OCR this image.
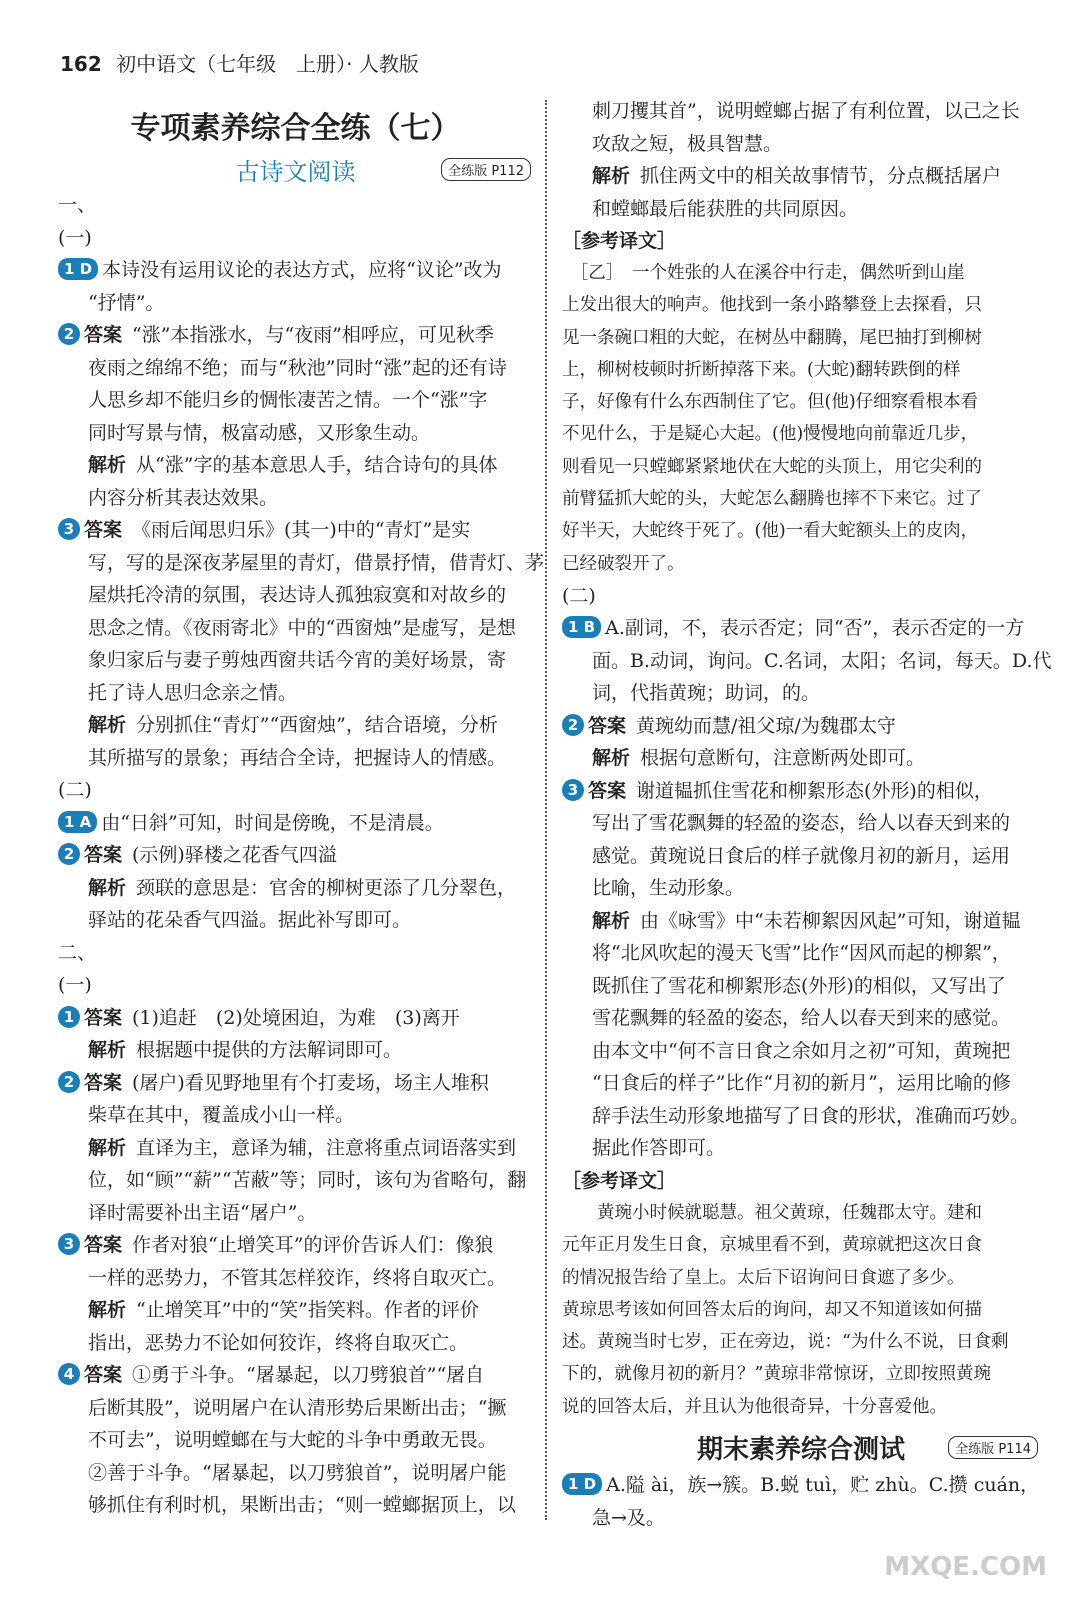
162 初中语文（七年级　上册）· 人教版
专项素养综合全练（七）
古诗文阅读	全练版 P112
一、
(一)
1 D 本诗没有运用议论的表达方式，应将“议论”改为
“抒情”。
2 答案 “涨”本指涨水，与“夜雨”相呼应，可见秋季
夜雨之绵绵不绝；而与“秋池”同时“涨”起的还有诗
人思乡却不能归乡的惆怅凄苦之情。一个“涨”字
同时写景与情，极富动感，又形象生动。
解析 从“涨”字的基本意思人手，结合诗句的具体
内容分析其表达效果。
3 答案 《雨后闻思归乐》(其一)中的“青灯”是实
写，写的是深夜茅屋里的青灯，借景抒情，借青灯、茅
屋烘托冷清的氛围，表达诗人孤独寂寞和对故乡的
思念之情。《夜雨寄北》中的“西窗烛”是虚写，是想
象归家后与妻子剪烛西窗共话今宵的美好场景，寄
托了诗人思归念亲之情。
解析 分别抓住“青灯”“西窗烛”，结合语境，分析
其所描写的景象；再结合全诗，把握诗人的情感。
(二)
1 A 由“日斜”可知，时间是傍晚，不是清晨。
2 答案 (示例)驿楼之花香气四溢
解析 颈联的意思是：官舍的柳树更添了几分翠色，
驿站的花朵香气四溢。据此补写即可。
二、
(一)
1 答案 (1)追赶　(2)处境困迫，为难　(3)离开
解析 根据题中提供的方法解词即可。
2 答案 (屠户)看见野地里有个打麦场，场主人堆积
柴草在其中，覆盖成小山一样。
解析 直译为主，意译为辅，注意将重点词语落实到
位，如“顾”“薪”“苫蔽”等；同时，该句为省略句，翻
译时需要补出主语“屠户”。
3 答案 作者对狼“止增笑耳”的评价告诉人们：像狼
一样的恶势力，不管其怎样狡诈，终将自取灭亡。
解析 “止增笑耳”中的“笑”指笑料。作者的评价
指出，恶势力不论如何狡诈，终将自取灭亡。
4 答案 ①勇于斗争。“屠暴起，以刀劈狼首”“屠自
后断其股”，说明屠户在认清形势后果断出击；“撅
不可去”，说明螳螂在与大蛇的斗争中勇敢无畏。
②善于斗争。“屠暴起，以刀劈狼首”，说明屠户能
够抓住有利时机，果断出击；“则一螳螂据顶上，以
刺刀攫其首”，说明螳螂占据了有利位置，以己之长
攻敌之短，极具智慧。
解析 抓住两文中的相关故事情节，分点概括屠户
和螳螂最后能获胜的共同原因。
［参考译文］
　［乙］　一个姓张的人在溪谷中行走，偶然听到山崖
上发出很大的响声。他找到一条小路攀登上去探看，只
见一条碗口粗的大蛇，在树丛中翻腾，尾巴抽打到柳树
上，柳树枝顿时折断掉落下来。(大蛇)翻转跌倒的样
子，好像有什么东西制住了它。但(他)仔细察看根本看
不见什么，于是疑心大起。(他)慢慢地向前靠近几步，
则看见一只螳螂紧紧地伏在大蛇的头顶上，用它尖利的
前臂猛抓大蛇的头，大蛇怎么翻腾也摔不下来它。过了
好半天，大蛇终于死了。(他)一看大蛇额头上的皮肉，
已经破裂开了。
(二)
1 B A.副词，不，表示否定；同“否”，表示否定的一方
面。B.动词，询问。C.名词，太阳；名词，每天。D.代
词，代指黄琬；助词，的。
2 答案 黄琬幼而慧/祖父琼/为魏郡太守
解析 根据句意断句，注意断两处即可。
3 答案 谢道韫抓住雪花和柳絮形态(外形)的相似，
写出了雪花飘舞的轻盈的姿态，给人以春天到来的
感觉。黄琬说日食后的样子就像月初的新月，运用
比喻，生动形象。
解析 由《咏雪》中“未若柳絮因风起”可知，谢道韫
将“北风吹起的漫天飞雪”比作“因风而起的柳絮”，
既抓住了雪花和柳絮形态(外形)的相似，又写出了
雪花飘舞的轻盈的姿态，给人以春天到来的感觉。
由本文中“何不言日食之余如月之初”可知，黄琬把
“日食后的样子”比作“月初的新月”，运用比喻的修
辞手法生动形象地描写了日食的形状，准确而巧妙。
据此作答即可。
［参考译文］
　　黄琬小时候就聪慧。祖父黄琼，任魏郡太守。建和
元年正月发生日食，京城里看不到，黄琼就把这次日食
的情况报告给了皇上。太后下诏询问日食遮了多少。
黄琼思考该如何回答太后的询问，却又不知道该如何描
述。黄琬当时七岁，正在旁边，说：“为什么不说，日食剩
下的，就像月初的新月？”黄琼非常惊讶，立即按照黄琬
说的回答太后，并且认为他很奇异，十分喜爱他。
期末素养综合测试	全练版 P114
1 D A.隘 ài，族→簇。B.蜕 tuì，贮 zhù。C.攒 cuán，
急→及。
MXQE.COM
